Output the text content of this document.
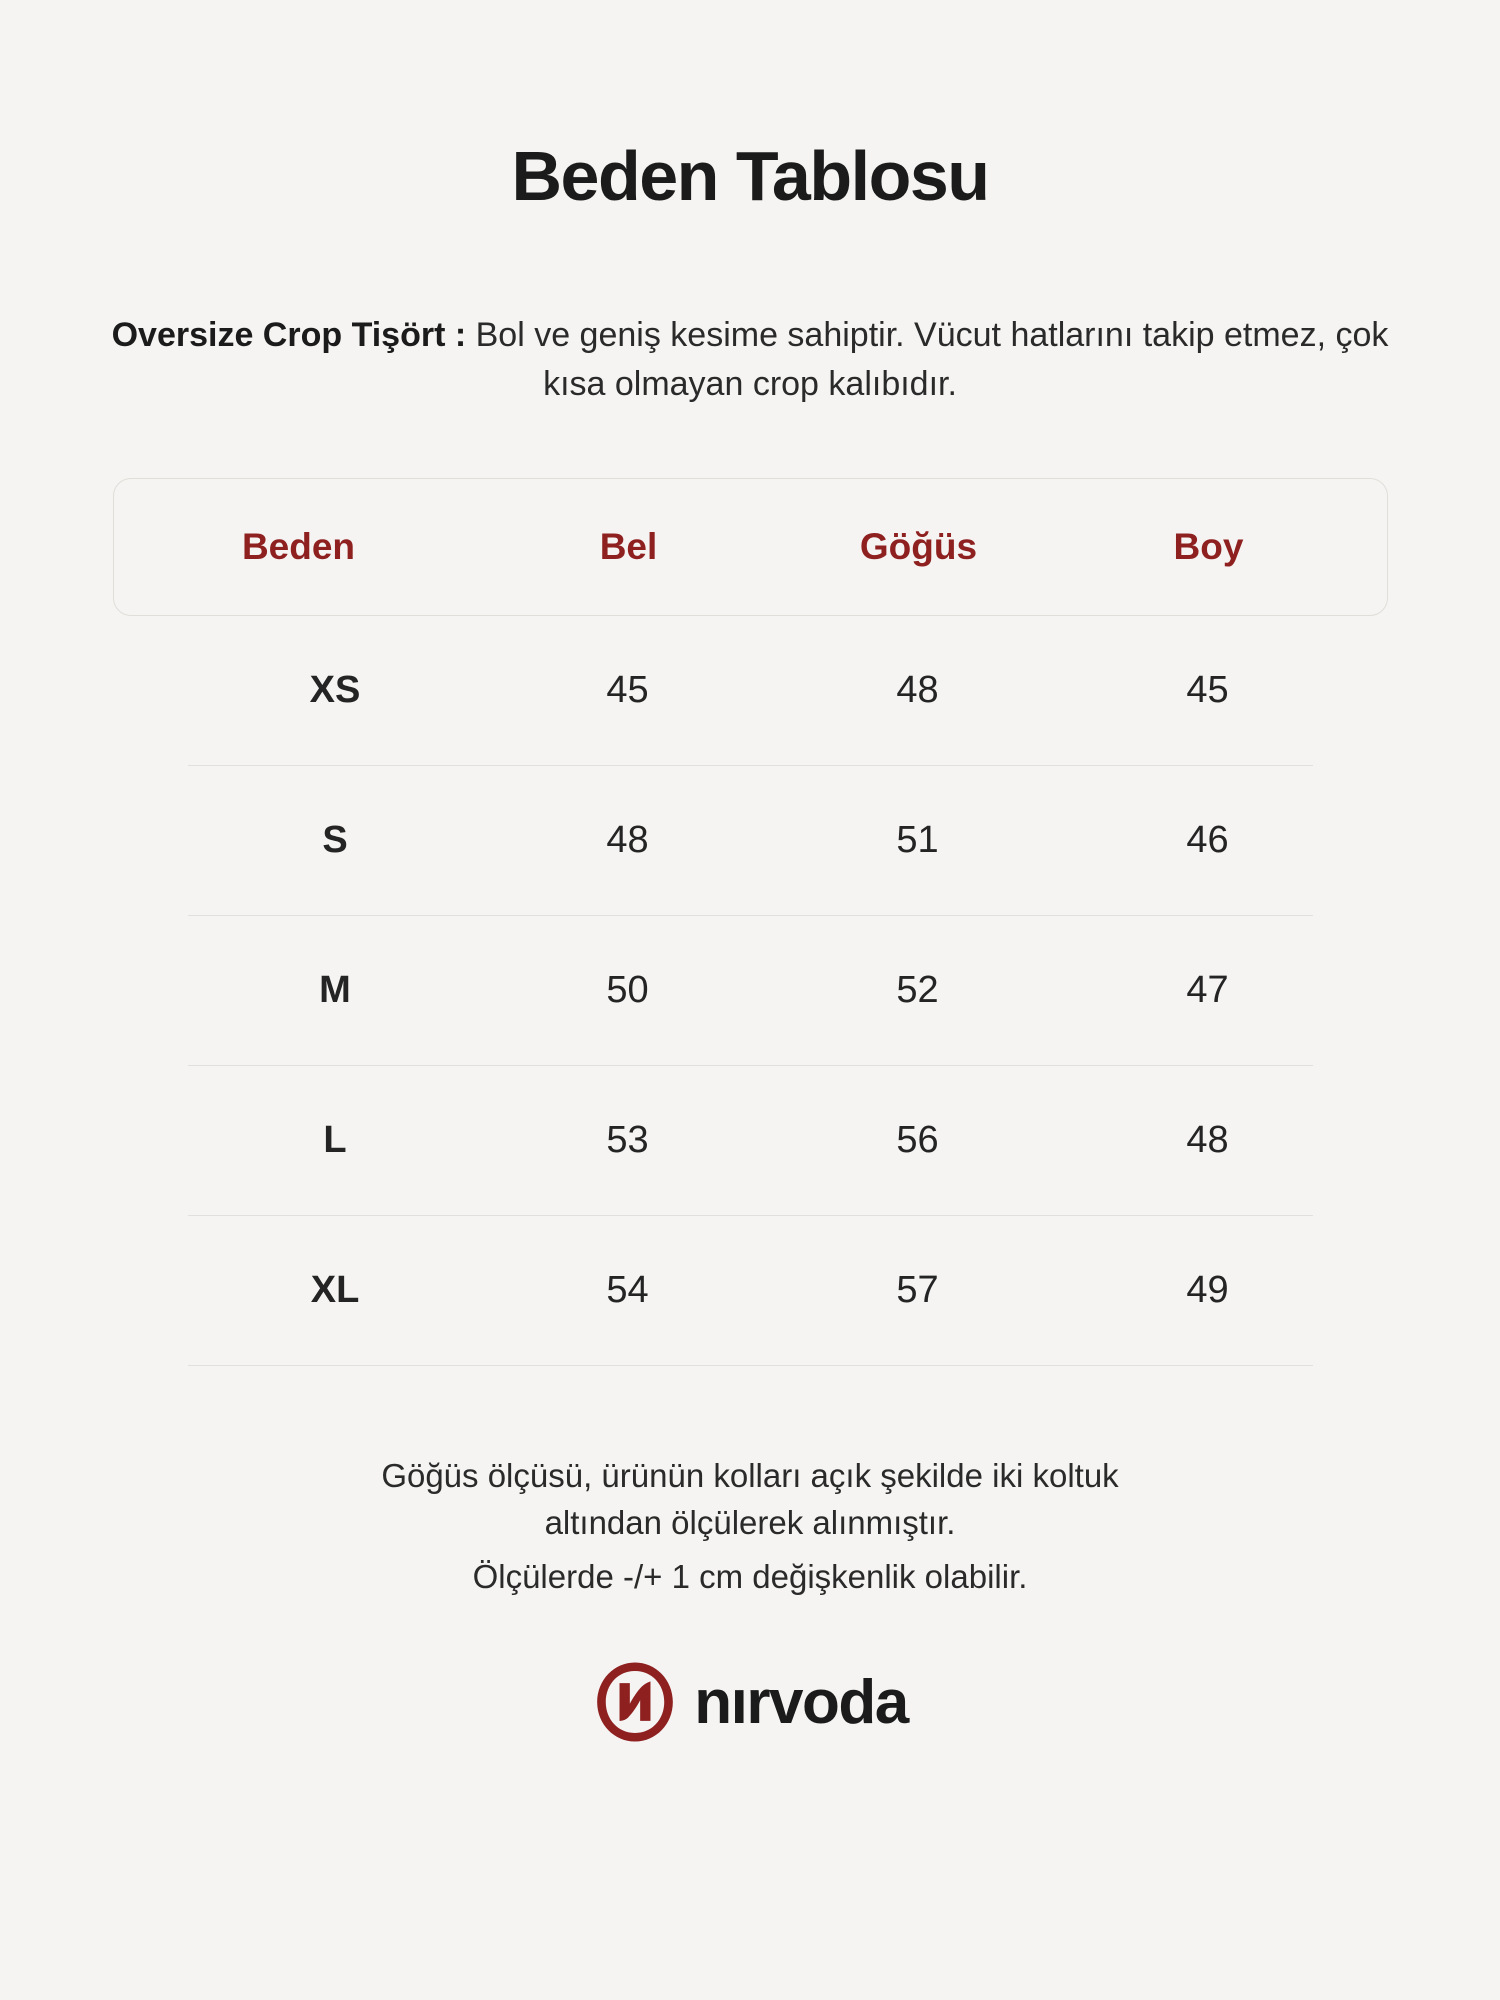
Beden Tablosu

Oversize Crop Tişört : Bol ve geniş kesime sahiptir. Vücut hatlarını takip etmez, çok kısa olmayan crop kalıbıdır.

Beden	Bel	Göğüs	Boy
XS	45	48	45
S	48	51	46
M	50	52	47
L	53	56	48
XL	54	57	49
Göğüs ölçüsü, ürünün kolları açık şekilde iki koltuk
altından ölçülerek alınmıştır.
Ölçülerde -/+ 1 cm değişkenlik olabilir.
nırvoda
